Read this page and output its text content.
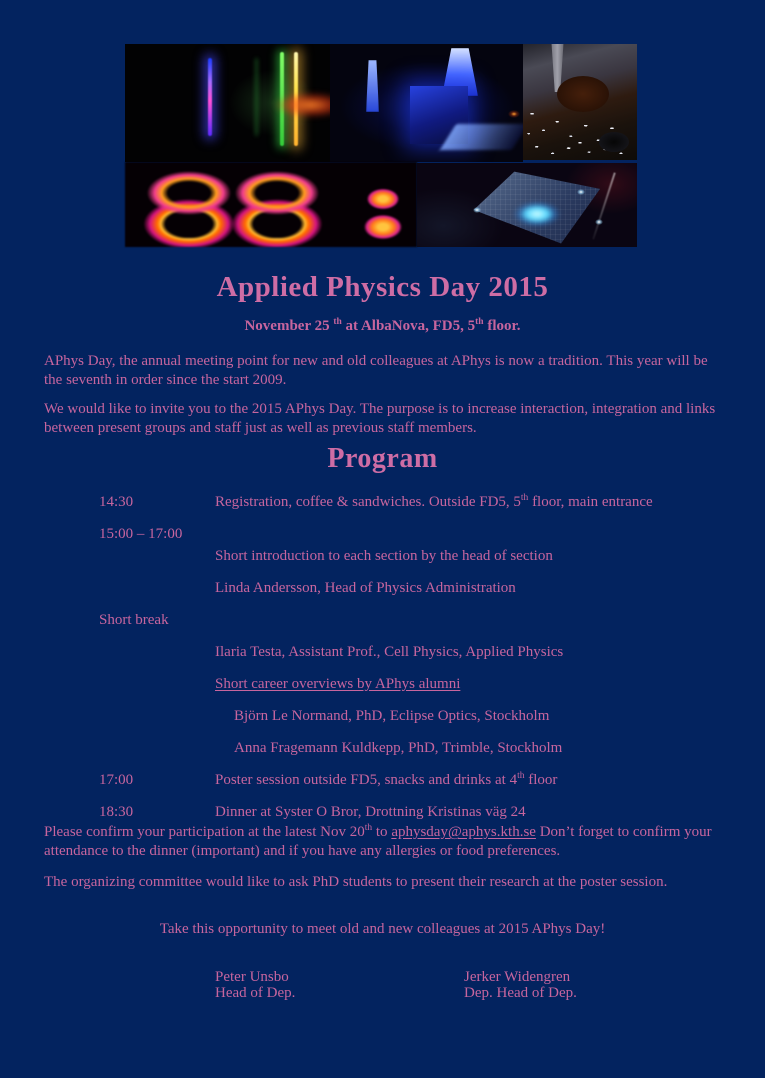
Applied Physics Day 2015
November 25 $^{th}$ at AlbaNova, FD5, 5th floor.
APhys Day, the annual meeting point for new and old colleagues at APhys is now a tradition. This year will be the seventh in order since the start 2009.
We would like to invite you to the 2015 APhys Day. The purpose is to increase interaction, integration and links between present groups and staff just as well as previous staff members.
Program
14:30	Registration, coffee & sandwiches. Outside FD5, 5th floor, main entrance
15:00 – 17:00
Short introduction to each section by the head of section
Linda Andersson, Head of Physics Administration
Short break
Ilaria Testa, Assistant Prof., Cell Physics, Applied Physics
Short career overviews by APhys alumni
Björn Le Normand, PhD, Eclipse Optics, Stockholm
Anna Fragemann Kuldkepp, PhD, Trimble, Stockholm
17:00	Poster session outside FD5, snacks and drinks at 4th floor
18:30	Dinner at Syster O Bror, Drottning Kristinas väg 24
Please confirm your participation at the latest Nov 20th to aphysday@aphys.kth.se Don’t forget to confirm your attendance to the dinner (important) and if you have any allergies or food preferences.
The organizing committee would like to ask PhD students to present their research at the poster session.
Take this opportunity to meet old and new colleagues at 2015 APhys Day!
Peter Unsbo
Head of Dep.
Jerker Widengren
Dep. Head of Dep.
